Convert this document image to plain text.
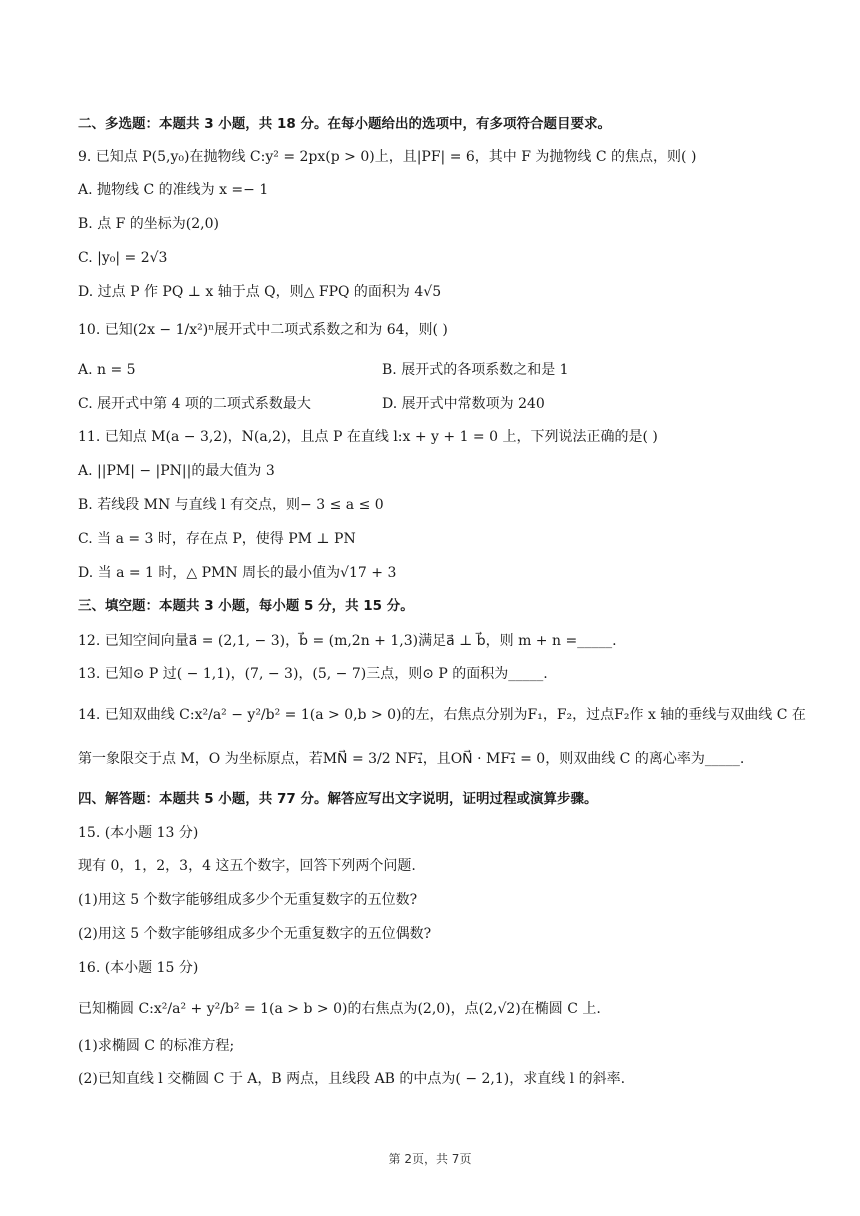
二、多选题：本题共 3 小题，共 18 分。在每小题给出的选项中，有多项符合题目要求。
9. 已知点 P(5,y₀)在抛物线 C:y² = 2px(p > 0)上，且|PF| = 6，其中 F 为抛物线 C 的焦点，则( )
A. 抛物线 C 的准线为 x =− 1
B. 点 F 的坐标为(2,0)
C. |y₀| = 2√3
D. 过点 P 作 PQ ⊥ x 轴于点 Q，则△ FPQ 的面积为 4√5
10. 已知(2x − 1/x²)ⁿ展开式中二项式系数之和为 64，则( )
A. n = 5	B. 展开式的各项系数之和是 1
C. 展开式中第 4 项的二项式系数最大	D. 展开式中常数项为 240
11. 已知点 M(a − 3,2)，N(a,2)，且点 P 在直线 l:x + y + 1 = 0 上，下列说法正确的是( )
A. ||PM| − |PN||的最大值为 3
B. 若线段 MN 与直线 l 有交点，则− 3 ≤ a ≤ 0
C. 当 a = 3 时，存在点 P，使得 PM ⊥ PN
D. 当 a = 1 时，△ PMN 周长的最小值为√17 + 3
三、填空题：本题共 3 小题，每小题 5 分，共 15 分。
12. 已知空间向量a⃗ = (2,1, − 3)，b⃗ = (m,2n + 1,3)满足a⃗ ⊥ b⃗，则 m + n =_____.
13. 已知⊙ P 过( − 1,1)，(7, − 3)，(5, − 7)三点，则⊙ P 的面积为_____.
14. 已知双曲线 C:x²/a² − y²/b² = 1(a > 0,b > 0)的左，右焦点分别为F₁，F₂，过点F₂作 x 轴的垂线与双曲线 C 在
第一象限交于点 M，O 为坐标原点，若MN⃗ = 3/2 NF₁⃗，且ON⃗ · MF₁⃗ = 0，则双曲线 C 的离心率为_____.
四、解答题：本题共 5 小题，共 77 分。解答应写出文字说明，证明过程或演算步骤。
15. (本小题 13 分)
现有 0，1，2，3，4 这五个数字，回答下列两个问题.
(1)用这 5 个数字能够组成多少个无重复数字的五位数?
(2)用这 5 个数字能够组成多少个无重复数字的五位偶数?
16. (本小题 15 分)
已知椭圆 C:x²/a² + y²/b² = 1(a > b > 0)的右焦点为(2,0)，点(2,√2)在椭圆 C 上.
(1)求椭圆 C 的标准方程;
(2)已知直线 l 交椭圆 C 于 A，B 两点，且线段 AB 的中点为( − 2,1)，求直线 l 的斜率.
第 2页，共 7页
